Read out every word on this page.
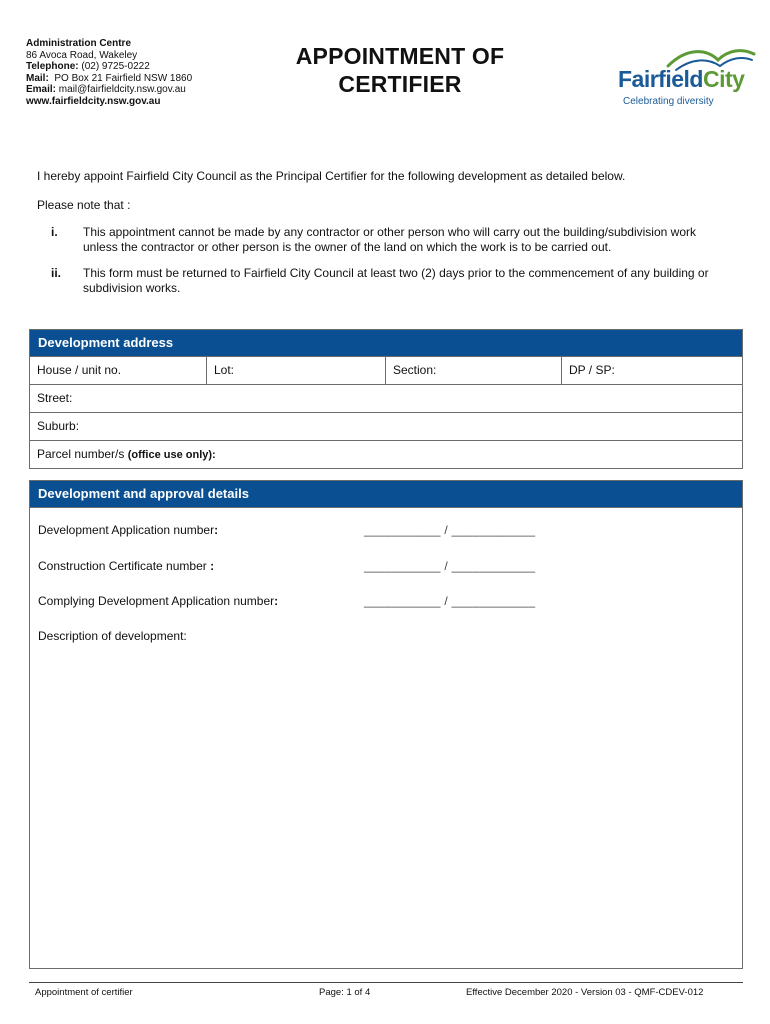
Administration Centre
86 Avoca Road, Wakeley
Telephone: (02) 9725-0222
Mail: PO Box 21 Fairfield NSW 1860
Email: mail@fairfieldcity.nsw.gov.au
www.fairfieldcity.nsw.gov.au
APPOINTMENT OF
CERTIFIER	FairfieldCity
Celebrating diversity
I hereby appoint Fairfield City Council as the Principal Certifier for the following development as detailed below.
Please note that :
i. This appointment cannot be made by any contractor or other person who will carry out the building/subdivision work unless the contractor or other person is the owner of the land on which the work is to be carried out.
ii. This form must be returned to Fairfield City Council at least two (2) days prior to the commencement of any building or subdivision works.
Development address
House / unit no.	Lot:	Section:	DP / SP:
Street:
Suburb:
Parcel number/s (office use only):
Development and approval details
Development Application number:	___________ / ____________
Construction Certificate number :	___________ / ____________
Complying Development Application number:	___________ / ____________
Description of development:
Appointment of certifier	Page: 1 of 4	Effective December 2020 - Version 03 - QMF-CDEV-012
